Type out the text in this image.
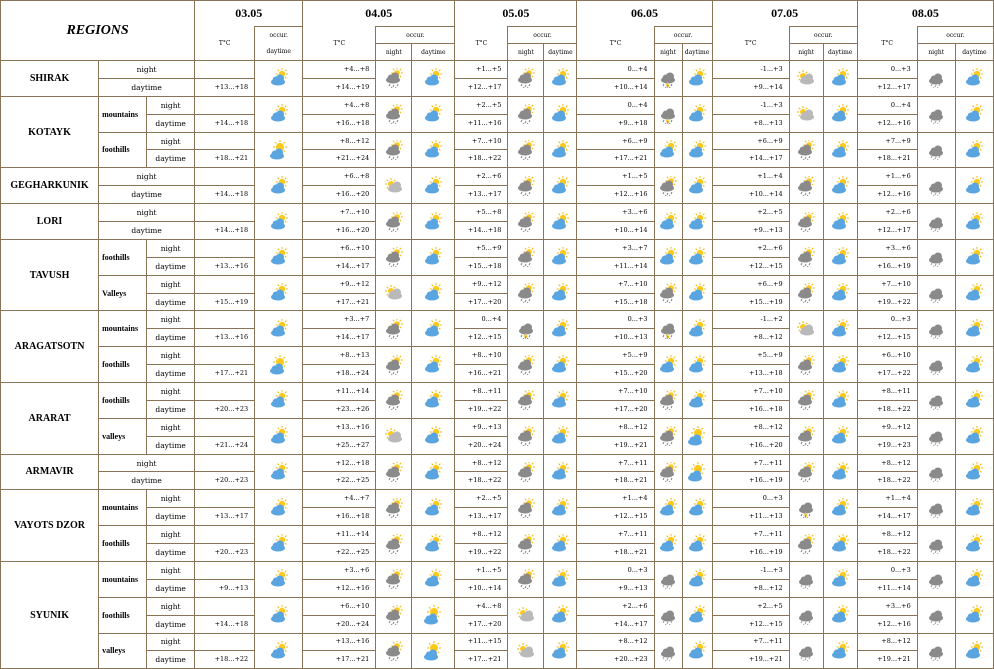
REGIONS			03.05		04.05			05.05			06.05			07.05			08.05		
			T°C	occur.	T°C	occur.		T°C	occur.		T°C	occur.		T°C	occur.		T°C	occur.	
				daytime		night	daytime		night	daytime		night	daytime		night	daytime		night	daytime
SHIRAK	night				+4...+8			+1...+5			0...+4			-1...+3			0...+3	

	daytime		+13...+18		+14...+19			+12...+17			+10...+14			+9...+14			+12...+17		
KOTAYK	mountains	night			+4...+8			+2...+5			0...+4			-1...+3			0...+4	

		daytime	+14...+18		+16...+18			+11...+16			+9...+18			+8...+13			+12...+16		
	foothills	night			+8...+12			+7...+10			+6...+9			+6...+9			+7...+9	

		daytime	+18...+21		+21...+24			+18...+22			+17...+21			+14...+17			+18...+21		
GEGHARKUNIK	night				+6...+8			+2...+6			+1...+5			+1...+4			+1...+6	

	daytime		+14...+18		+16...+20			+13...+17			+12...+16			+10...+14			+12...+16		
LORI	night				+7...+10			+5...+8			+3...+6			+2...+5			+2...+6	

	daytime		+14...+18		+16...+20			+14...+18			+10...+14			+9...+13			+12...+17		
TAVUSH	foothills	night			+6...+10			+5...+9			+3...+7			+2...+6			+3...+6	

		daytime	+13...+16		+14...+17			+15...+18			+11...+14			+12...+15			+16...+19		
	Valleys	night			+9...+12			+9...+12			+7...+10			+6...+9			+7...+10	

		daytime	+15...+19		+17...+21			+17...+20			+15...+18			+15...+19			+19...+22		
ARAGATSOTN	mountains	night			+3...+7			0...+4			0...+3			-1...+2			0...+3	

		daytime	+13...+16		+14...+17			+12...+15			+10...+13			+8...+12			+12...+15		
	foothills	night			+8...+13			+8...+10			+5...+9			+5...+9			+6...+10	

		daytime	+17...+21		+18...+24			+16...+21			+15...+20			+13...+18			+17...+22		
ARARAT	foothills	night			+11...+14			+8...+11			+7...+10			+7...+10			+8...+11	

		daytime	+20...+23		+23...+26			+19...+22			+17...+20			+16...+18			+18...+22		
	valleys	night			+13...+16			+9...+13			+8...+12			+8...+12			+9...+12	

		daytime	+21...+24		+25...+27			+20...+24			+19...+21			+16...+20			+19...+23		
ARMAVIR	night				+12...+18			+8...+12			+7...+11			+7...+11			+8...+12	

	daytime		+20...+23		+22...+25			+18...+22			+18...+21			+16...+19			+18...+22		
VAYOTS DZOR	mountains	night			+4...+7			+2...+5			+1...+4			0...+3			+1...+4	

		daytime	+13...+17		+16...+18			+13...+17			+12...+15			+11...+13			+14...+17		
	foothills	night			+11...+14			+8...+12			+7...+11			+7...+11			+8...+12	

		daytime	+20...+23		+22...+25			+19...+22			+18...+21			+16...+19			+18...+22		
SYUNIK	mountains	night			+3...+6			+1...+5			0...+3			-1...+3			0...+3	

		daytime	+9...+13		+12...+16			+10...+14			+9...+13			+8...+12			+11...+14		
	foothills	night			+6...+10			+4...+8			+2...+6			+2...+5			+3...+6	

		daytime	+14...+18		+20...+24			+17...+20			+14...+17			+12...+15			+12...+16		
	valleys	night			+13...+16			+11...+15			+8...+12			+7...+11			+8...+12	

		daytime	+18...+22		+17...+21			+17...+21			+20...+23			+19...+21			+19...+21		
